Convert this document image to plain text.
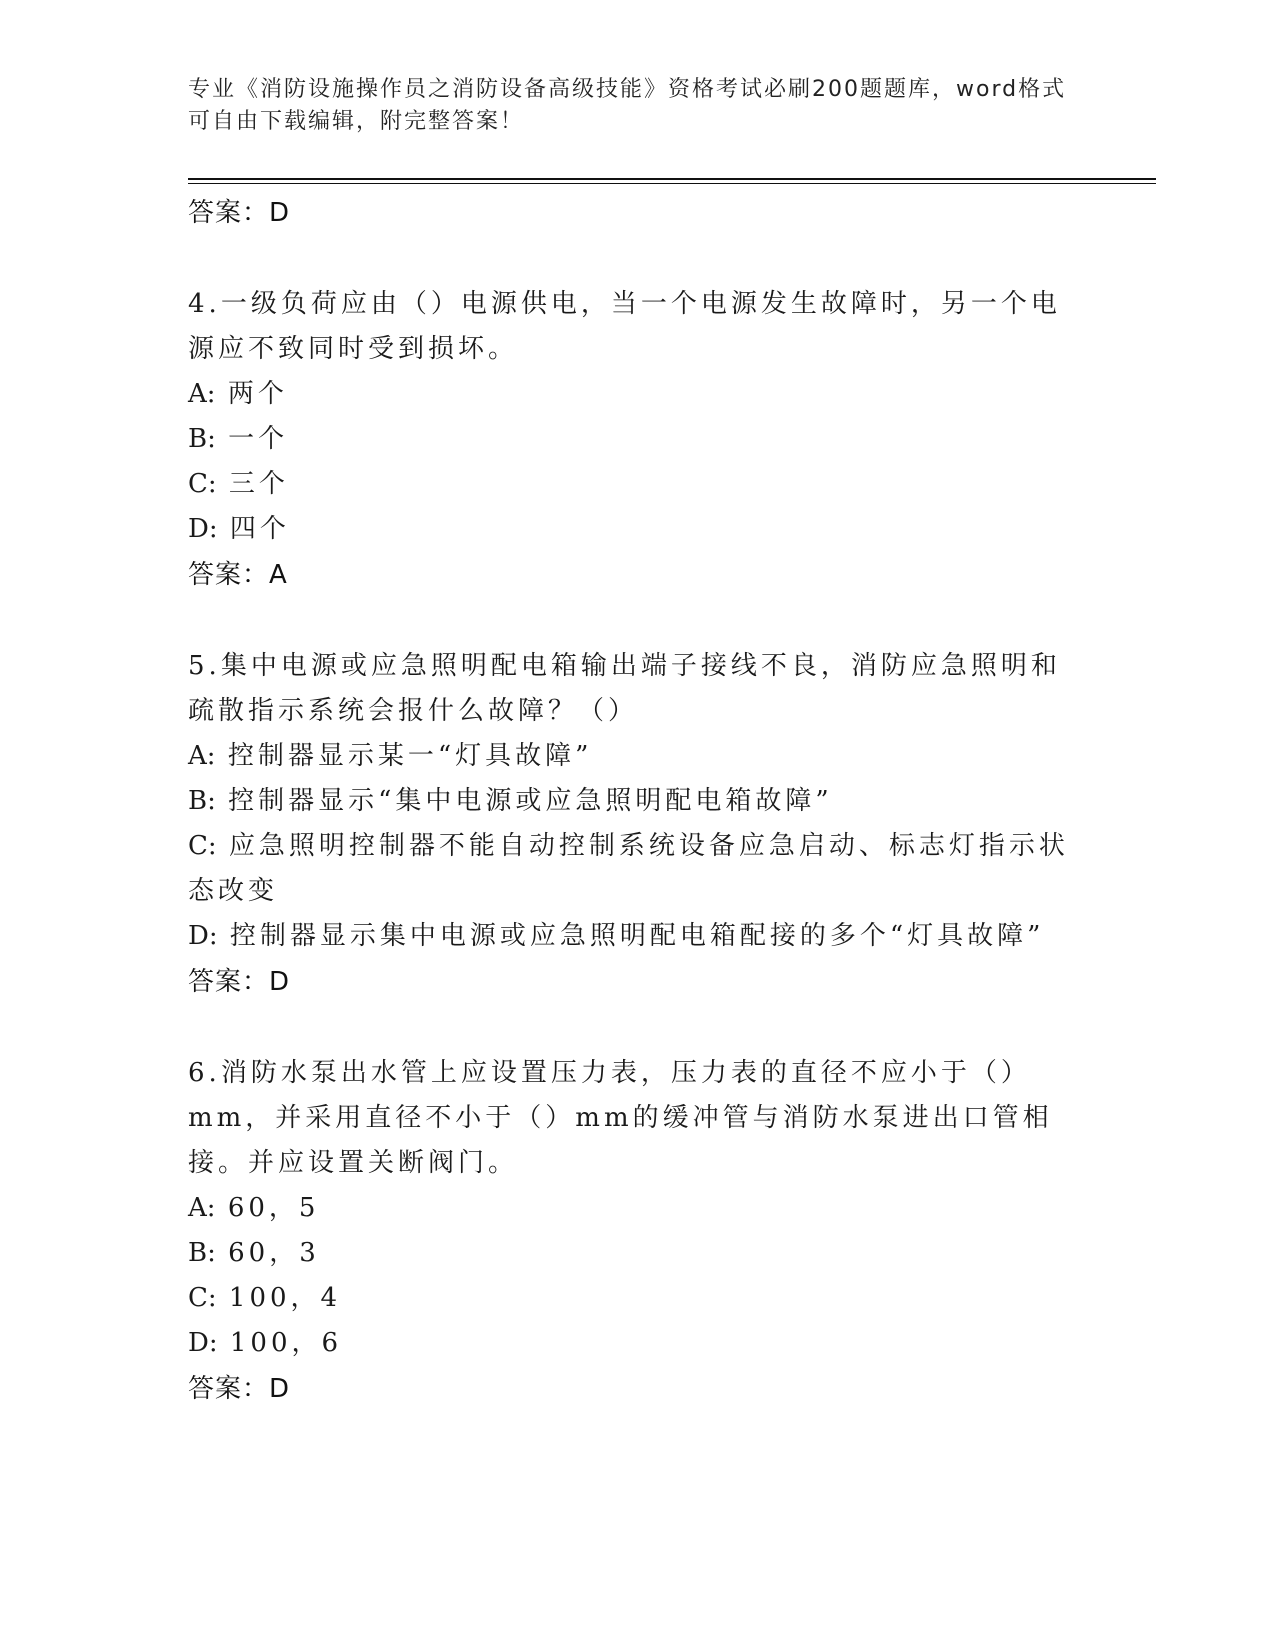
专业《消防设施操作员之消防设备高级技能》资格考试必刷200题题库，word格式可自由下载编辑，附完整答案！
答案：D
4.一级负荷应由（）电源供电，当一个电源发生故障时，另一个电源应不致同时受到损坏。
A: 两个
B: 一个
C: 三个
D: 四个
答案：A
5.集中电源或应急照明配电箱输出端子接线不良，消防应急照明和疏散指示系统会报什么故障？（）
A: 控制器显示某一“灯具故障”
B: 控制器显示“集中电源或应急照明配电箱故障”
C: 应急照明控制器不能自动控制系统设备应急启动、标志灯指示状态改变
D: 控制器显示集中电源或应急照明配电箱配接的多个“灯具故障”
答案：D
6.消防水泵出水管上应设置压力表，压力表的直径不应小于（）mm，并采用直径不小于（）mm的缓冲管与消防水泵进出口管相接。并应设置关断阀门。
A: 60，5
B: 60，3
C: 100，4
D: 100，6
答案：D
